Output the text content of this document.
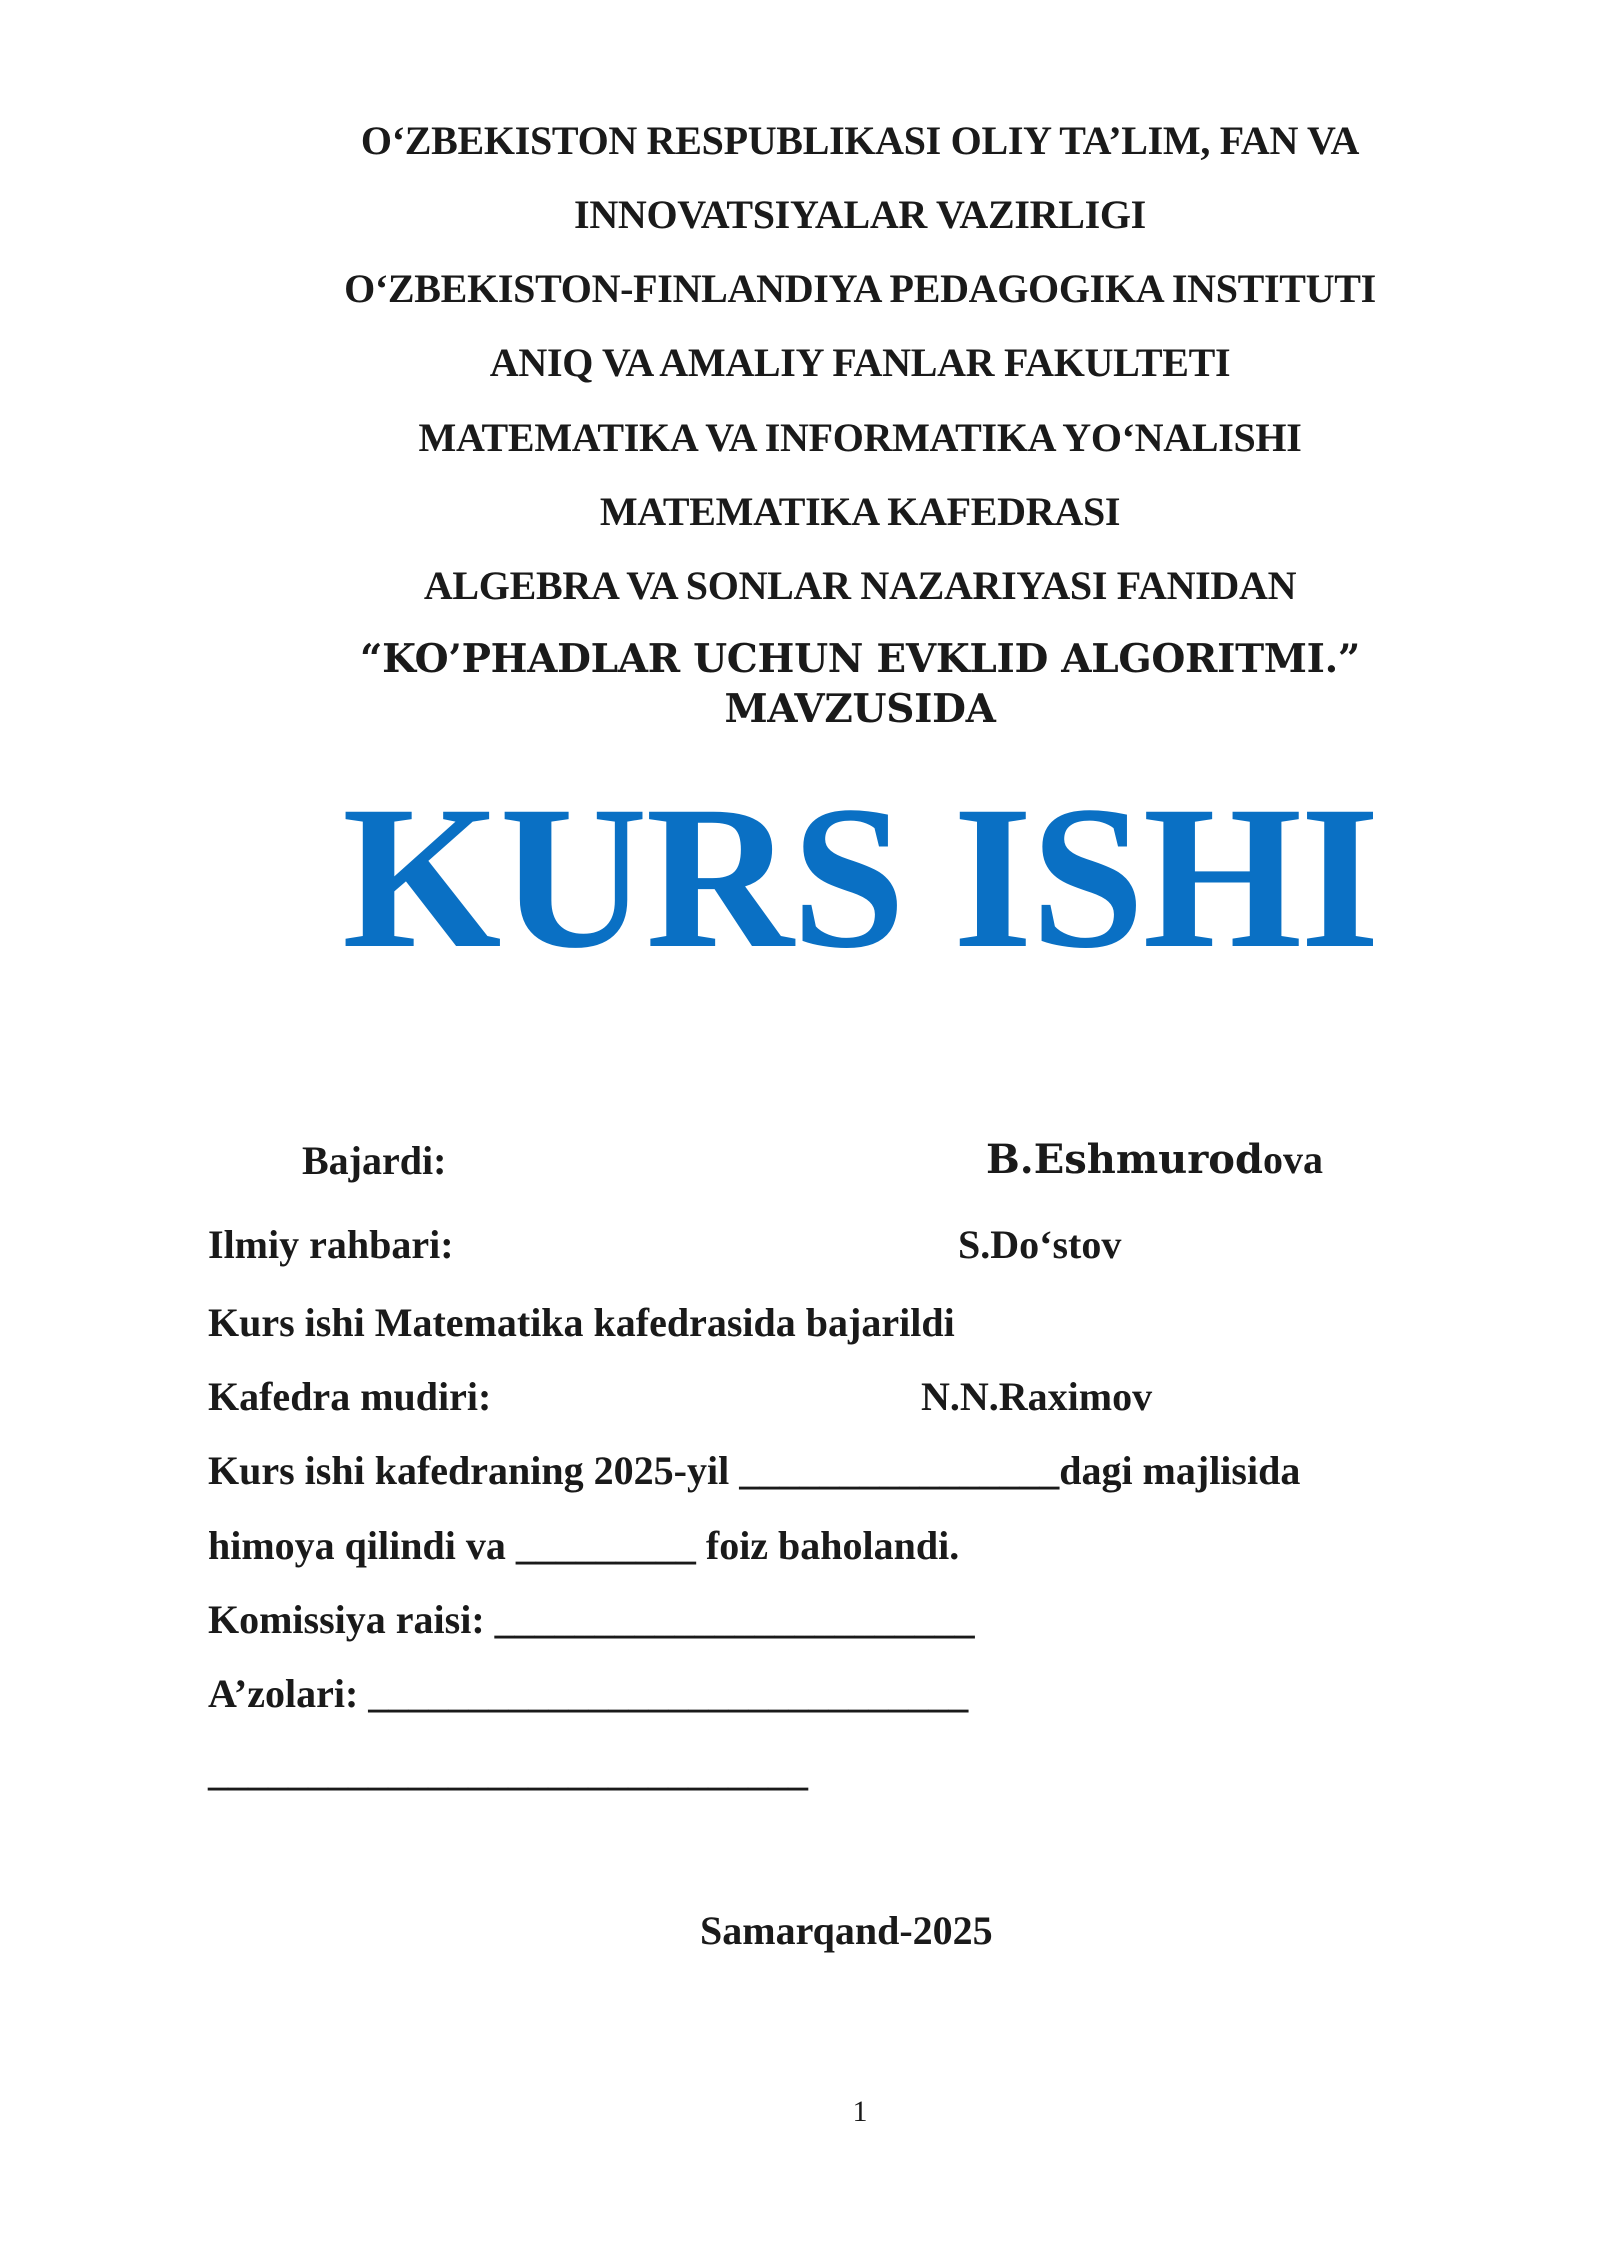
O‘ZBEKISTON RESPUBLIKASI OLIY TA’LIM, FAN VA
INNOVATSIYALAR VAZIRLIGI
O‘ZBEKISTON-FINLANDIYA PEDAGOGIKA INSTITUTI
ANIQ VA AMALIY FANLAR FAKULTETI
MATEMATIKA VA INFORMATIKA YO‘NALISHI
MATEMATIKA KAFEDRASI
ALGEBRA VA SONLAR NAZARIYASI FANIDAN
“KO’PHADLAR UCHUN EVKLID ALGORITMI.”
MAVZUSIDA
KURS ISHI
Bajardi:	B.Eshmurodova
Ilmiy rahbari:	S.Do‘stov
Kurs ishi Matematika kafedrasida bajarildi
Kafedra mudiri:	N.N.Raximov
Kurs ishi kafedraning 2025-yil ________________dagi majlisida
himoya qilindi va _________ foiz baholandi.
Komissiya raisi: ________________________
A’zolari: ______________________________
______________________________
Samarqand-2025
1
